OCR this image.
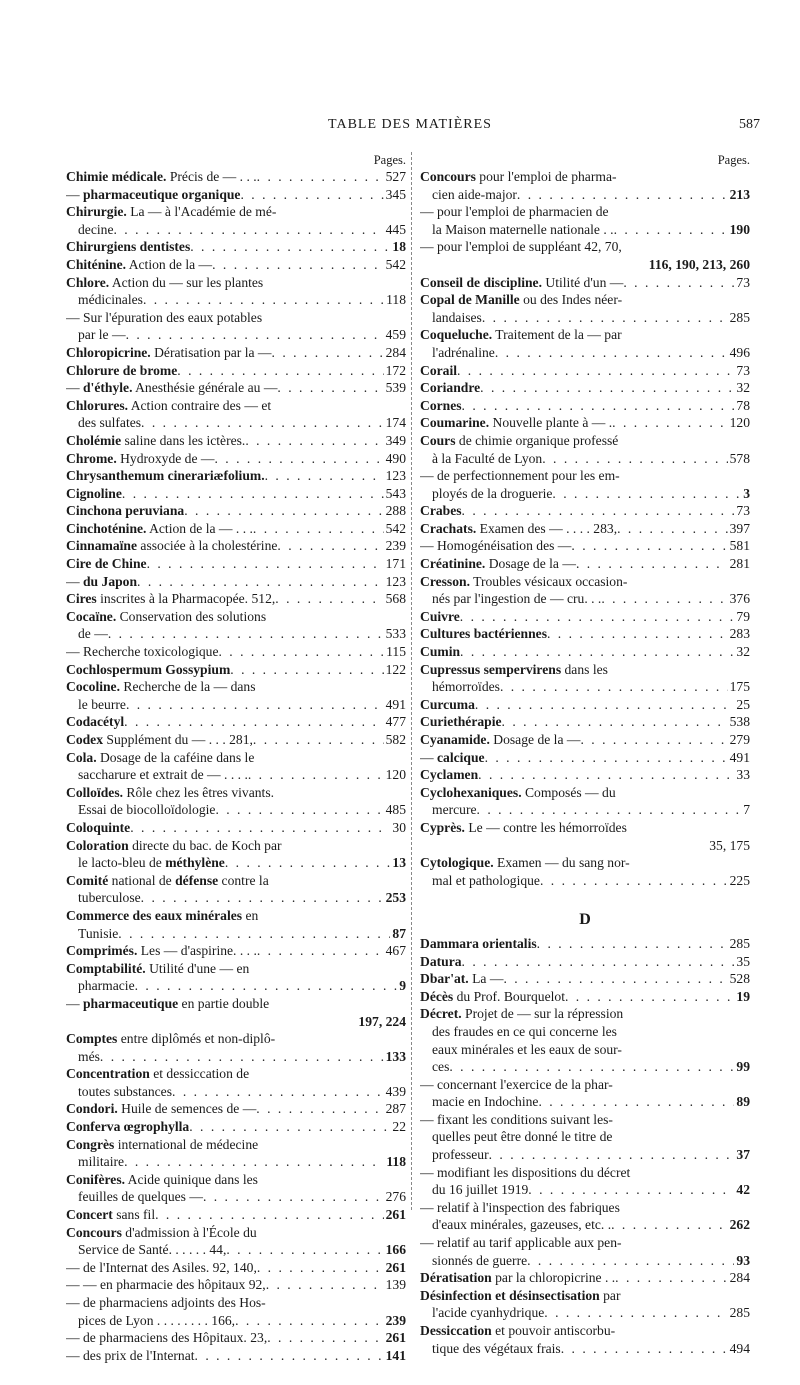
TABLE DES MATIÈRES	587
Pages.
Chimie médicale. Précis de — . . . . . .	527
— pharmaceutique organique . . .	345
Chirurgie. La — à l'Académie de mé-
decine . . .	445
Chirurgiens dentistes . . .	18
Chiténine. Action de la — . . .	542
Chlore. Action du — sur les plantes
médicinales . . .	118
— Sur l'épuration des eaux potables
par le — . . .	459
Chloropicrine. Dératisation par la — . . .	284
Chlorure de brome . . .	172
— d'éthyle. Anesthésie générale au — . . .	539
Chlorures. Action contraire des — et
des sulfates . . .	174
Cholémie saline dans les ictères. . . .	349
Chrome. Hydroxyde de — . . .	490
Chrysanthemum cinerariæfolium. . . .	123
Cignoline . . .	543
Cinchona peruviana . . .	288
Cinchoténine. Action de la — . . . . . .	542
Cinnamaïne associée à la cholestérine . . .	239
Cire de Chine . . .	171
— du Japon . . .	123
Cires inscrites à la Pharmacopée. 512, . . .	568
Cocaïne. Conservation des solutions
de — . . .	533
— Recherche toxicologique . . .	115
Cochlospermum Gossypium . . .	122
Cocoline. Recherche de la — dans
le beurre . . .	491
Codacétyl . . .	477
Codex Supplément du — . . . 281, . . .	582
Cola. Dosage de la caféine dans le
saccharure et extrait de — . . . . . . .	120
Colloïdes. Rôle chez les êtres vivants.
Essai de biocolloïdologie . . .	485
Coloquinte . . .	30
Coloration directe du bac. de Koch par
le lacto-bleu de méthylène . . .	13
Comité national de défense contre la
tuberculose . . .	253
Commerce des eaux minérales en
Tunisie . . .	87
Comprimés. Les — d'aspirine. . . . . . .	467
Comptabilité. Utilité d'une — en
pharmacie . . .	9
— pharmaceutique en partie double
197, 224
Comptes entre diplômés et non-diplô-
més . . .	133
Concentration et dessiccation de
toutes substances . . .	439
Condori. Huile de semences de — . . .	287
Conferva œgrophylla . . .	22
Congrès international de médecine
militaire . . .	118
Conifères. Acide quinique dans les
feuilles de quelques — . . .	276
Concert sans fil . . .	261
Concours d'admission à l'École du
Service de Santé. . . . . . 44, . . .	166
— de l'Internat des Asiles. 92, 140, . . .	261
— — en pharmacie des hôpitaux 92, . . .	139
— de pharmaciens adjoints des Hos-
pices de Lyon . . . . . . . . 166, . . .	239
— de pharmaciens des Hôpitaux. 23, . . .	261
— des prix de l'Internat . . .	141
Pages.
Concours pour l'emploi de pharma-
cien aide-major . . .	213
— pour l'emploi de pharmacien de
la Maison maternelle nationale . . . . .	190
— pour l'emploi de suppléant 42, 70,
116, 190, 213, 260
Conseil de discipline. Utilité d'un — . . .	73
Copal de Manille ou des Indes néer-
landaises . . .	285
Coqueluche. Traitement de la — par
l'adrénaline . . .	496
Corail . . .	73
Coriandre . . .	32
Cornes . . .	78
Coumarine. Nouvelle plante à — . . . .	120
Cours de chimie organique professé
à la Faculté de Lyon . . .	578
— de perfectionnement pour les em-
ployés de la droguerie . . .	3
Crabes . . .	73
Crachats. Examen des — . . . . 283, . . .	397
— Homogénéisation des — . . .	581
Créatinine. Dosage de la — . . .	281
Cresson. Troubles vésicaux occasion-
nés par l'ingestion de — cru. . . . . .	376
Cuivre . . .	79
Cultures bactériennes . . .	283
Cumin . . .	32
Cupressus sempervirens dans les
hémorroïdes . . .	175
Curcuma . . .	25
Curiethérapie . . .	538
Cyanamide. Dosage de la — . . .	279
— calcique . . .	491
Cyclamen . . .	33
Cyclohexaniques. Composés — du
mercure . . .	7
Cyprès. Le — contre les hémorroïdes
35, 175
Cytologique. Examen — du sang nor-
mal et pathologique . . .	225
D
Dammara orientalis . . .	285
Datura . . .	35
Dbar'at. La — . . .	528
Décès du Prof. Bourquelot . . .	19
Décret. Projet de — sur la répression
des fraudes en ce qui concerne les
eaux minérales et les eaux de sour-
ces . . .	99
— concernant l'exercice de la phar-
macie en Indochine . . .	89
— fixant les conditions suivant les-
quelles peut être donné le titre de
professeur . . .	37
— modifiant les dispositions du décret
du 16 juillet 1919 . . .	42
— relatif à l'inspection des fabriques
d'eaux minérales, gazeuses, etc. . . . .	262
— relatif au tarif applicable aux pen-
sionnés de guerre . . .	93
Dératisation par la chloropicrine . . . . .	284
Désinfection et désinsectisation par
l'acide cyanhydrique . . .	285
Dessiccation et pouvoir antiscorbu-
tique des végétaux frais . . .	494
